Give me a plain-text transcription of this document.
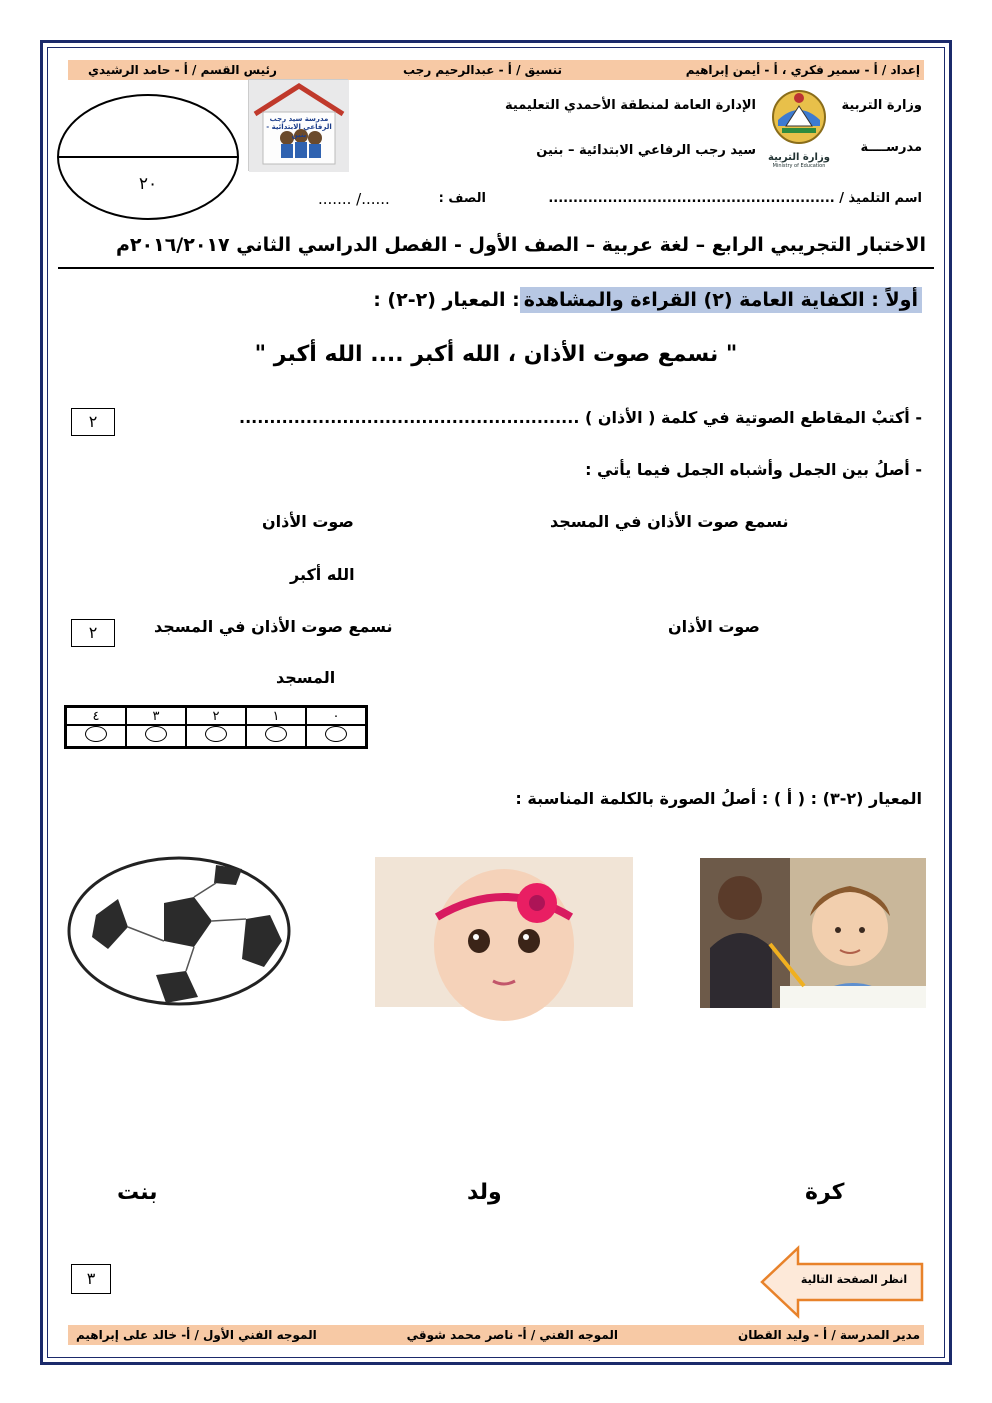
إعداد / أ - سمير فكري ، أ - أيمن إبراهيم
تنسيق / أ - عبدالرحيم رجب
رئيس القسم / أ - حامد الرشيدي
وزارة التربية
مدرســــة
الإدارة العامة لمنطقة الأحمدي التعليمية
سيد رجب الرفاعي الابتدائية – بنين وزارة التربية
Ministry of Education
مدرسة سيد رجب الرفاعي الابتدائية - بنين
٢٠
اسم التلميذ / ..........................................................
الصف :
....../ .......
الاختبار التجريبي الرابع – لغة عربية – الصف الأول - الفصل الدراسي الثاني ٢٠١٦/٢٠١٧م
أولاً : الكفاية العامة (٢) القراءة والمشاهدة: المعيار (٢-٢) :
" نسمع صوت الأذان ، الله أكبر .... الله أكبر "
- أكتبْ المقاطع الصوتية في كلمة ( الأذان ) ........................................................
٢
- أصلُ بين الجمل وأشباه الجمل فيما يأتي :
نسمع صوت الأذان في المسجد
صوت الأذان
الله أكبر
صوت الأذان
نسمع صوت الأذان في المسجد
٢
المسجد
٤	٣	٢	١	٠

المعيار (٢-٣) : ( أ ) : أصلُ الصورة بالكلمة المناسبة :
كرة
ولد
بنت
٣	انظر الصفحة التالية
مدير المدرسة / أ - وليد القطان
الموجه الفني / أ- ناصر محمد شوقي
الموجه الفني الأول / أ- خالد على إبراهيم
